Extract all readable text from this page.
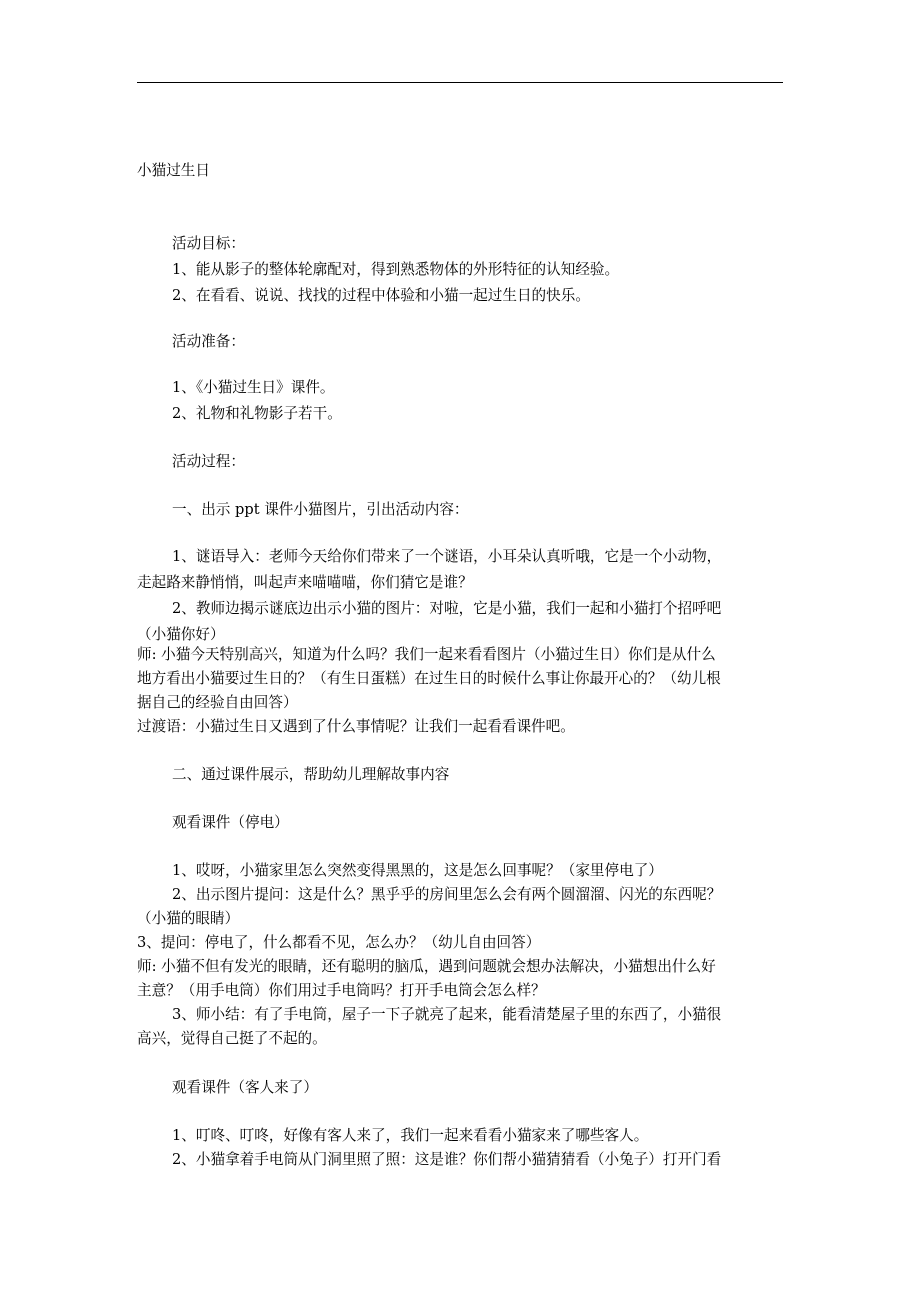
小猫过生日
活动目标：
1、能从影子的整体轮廓配对，得到熟悉物体的外形特征的认知经验。
2、在看看、说说、找找的过程中体验和小猫一起过生日的快乐。
活动准备：
1、《小猫过生日》课件。
2、礼物和礼物影子若干。
活动过程：
一、出示 ppt 课件小猫图片，引出活动内容：
1、谜语导入：老师今天给你们带来了一个谜语，小耳朵认真听哦，它是一个小动物，
走起路来静悄悄，叫起声来喵喵喵，你们猜它是谁？
2、教师边揭示谜底边出示小猫的图片：对啦，它是小猫，我们一起和小猫打个招呼吧
（小猫你好）
师: 小猫今天特别高兴，知道为什么吗？我们一起来看看图片（小猫过生日）你们是从什么
地方看出小猫要过生日的？（有生日蛋糕）在过生日的时候什么事让你最开心的？（幼儿根
据自己的经验自由回答）
过渡语：小猫过生日又遇到了什么事情呢？让我们一起看看课件吧。
二、通过课件展示，帮助幼儿理解故事内容
观看课件（停电）
1、哎呀，小猫家里怎么突然变得黑黑的，这是怎么回事呢？（家里停电了）
2、出示图片提问：这是什么？黑乎乎的房间里怎么会有两个圆溜溜、闪光的东西呢？
（小猫的眼睛）
3、提问：停电了，什么都看不见，怎么办？（幼儿自由回答）
师: 小猫不但有发光的眼睛，还有聪明的脑瓜，遇到问题就会想办法解决，小猫想出什么好
主意？（用手电筒）你们用过手电筒吗？打开手电筒会怎么样？
3、师小结：有了手电筒，屋子一下子就亮了起来，能看清楚屋子里的东西了，小猫很
高兴，觉得自己挺了不起的。
观看课件（客人来了）
1、叮咚、叮咚，好像有客人来了，我们一起来看看小猫家来了哪些客人。
2、小猫拿着手电筒从门洞里照了照：这是谁？你们帮小猫猜猜看（小兔子）打开门看
